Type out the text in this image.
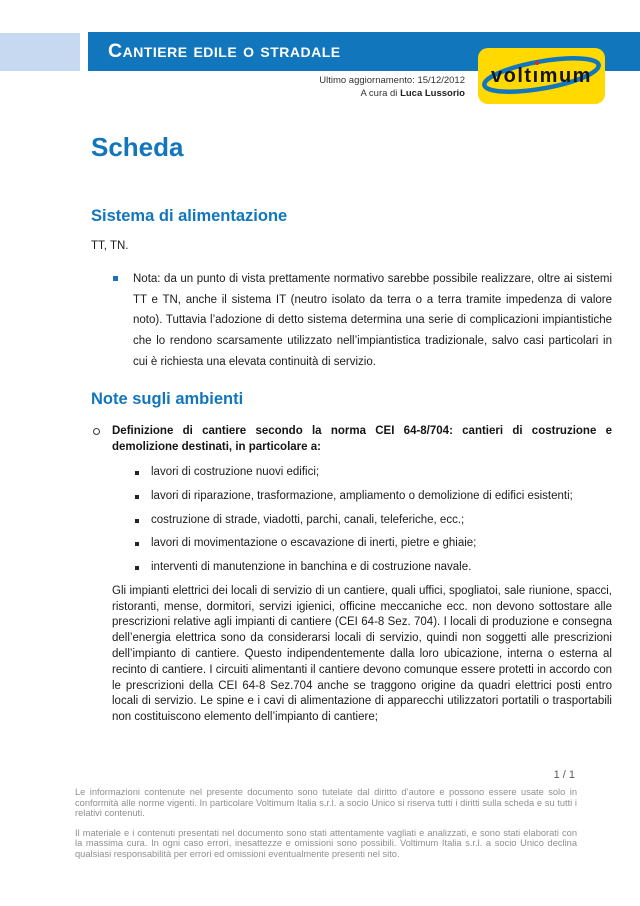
Cantiere edile o stradale
volt ı mum
Ultimo aggiornamento: 15/12/2012
A cura di Luca Lussorio
Scheda
Sistema di alimentazione

TT, TN.

Nota: da un punto di vista prettamente normativo sarebbe possibile realizzare, oltre ai sistemi TT e TN, anche il sistema IT (neutro isolato da terra o a terra tramite impedenza di valore noto). Tuttavia l’adozione di detto sistema determina una serie di complicazioni impiantistiche che lo rendono scarsamente utilizzato nell’impiantistica tradizionale, salvo casi particolari in cui è richiesta una elevata continuità di servizio.
Note sugli ambienti
Definizione di cantiere secondo la norma CEI 64-8/704: cantieri di costruzione e demolizione destinati, in particolare a:
lavori di costruzione nuovi edifici;
lavori di riparazione, trasformazione, ampliamento o demolizione di edifici esistenti;
costruzione di strade, viadotti, parchi, canali, teleferiche, ecc.;
lavori di movimentazione o escavazione di inerti, pietre e ghiaie;
interventi di manutenzione in banchina e di costruzione navale.

Gli impianti elettrici dei locali di servizio di un cantiere, quali uffici, spogliatoi, sale riunione, spacci, ristoranti, mense, dormitori, servizi igienici, officine meccaniche ecc. non devono sottostare alle prescrizioni relative agli impianti di cantiere (CEI 64-8 Sez. 704). I locali di produzione e consegna dell’energia elettrica sono da considerarsi locali di servizio, quindi non soggetti alle prescrizioni dell’impianto di cantiere. Questo indipendentemente dalla loro ubicazione, interna o esterna al recinto di cantiere. I circuiti alimentanti il cantiere devono comunque essere protetti in accordo con le prescrizioni della CEI 64-8 Sez.704 anche se traggono origine da quadri elettrici posti entro locali di servizio. Le spine e i cavi di alimentazione di apparecchi utilizzatori portatili o trasportabili non costituiscono elemento dell’impianto di cantiere;

1 / 1

Le informazioni contenute nel presente documento sono tutelate dal diritto d’autore e possono essere usate solo in conformità alle norme vigenti. In particolare Voltimum Italia s.r.l. a socio Unico si riserva tutti i diritti sulla scheda e su tutti i relativi contenuti.

Il materiale e i contenuti presentati nel documento sono stati attentamente vagliati e analizzati, e sono stati elaborati con la massima cura. In ogni caso errori, inesattezze e omissioni sono possibili. Voltimum Italia s.r.l. a socio Unico declina qualsiasi responsabilità per errori ed omissioni eventualmente presenti nel sito.
